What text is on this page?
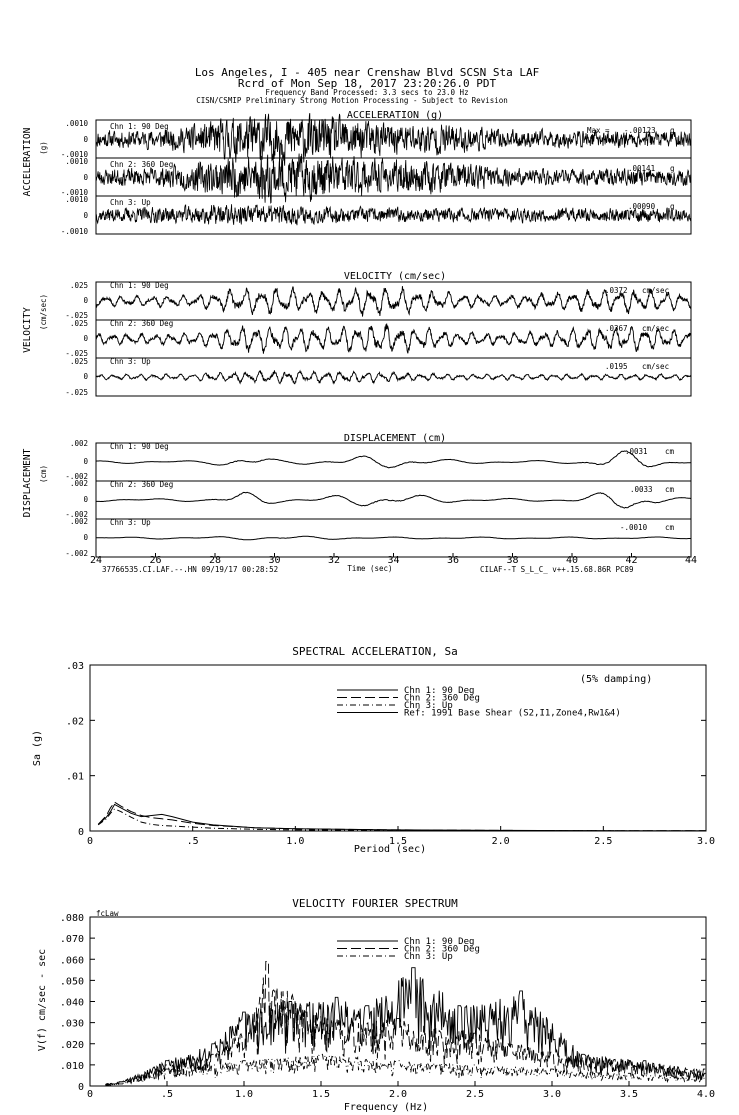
Los Angeles, I - 405 near Crenshaw Blvd SCSN Sta LAF
Rcrd of Mon Sep 18, 2017 23:20:26.0 PDT
Frequency Band Processed: 3.3 secs to 23.0 Hz
CISN/CSMIP Preliminary Strong Motion Processing - Subject to Revision
ACCELERATION (g)
VELOCITY (cm/sec)
DISPLACEMENT (cm)
ACCELERATION (g)
VELOCITY (cm/sec)
DISPLACEMENT (cm)
Chn 1: 90 Deg
Chn 2: 360 Deg
Chn 3: Up
Max = -.00123 g
.00141 g
.00090 g
.0010
0
-.0010
.0010
0
-.0010
.0010
0
-.0010
Chn 1: 90 Deg
Chn 2: 360 Deg
Chn 3: Up
.0372 cm/sec
.0367 cm/sec
.0195 cm/sec
.025
0
-.025
.025
0
-.025
.025
0
-.025
Chn 1: 90 Deg
Chn 2: 360 Deg
Chn 3: Up
.0031 cm
.0033 cm
-.0010 cm
.002
0
-.002
.002
0
-.002
.002
0
-.002
24	26	28	30	32	34	36	38	40	42	44
Time (sec)
37766535.CI.LAF.--.HN 09/19/17 00:28:52	CILAF--T S_L_C_ v++.15.68.86R PC89
SPECTRAL ACCELERATION, Sa
0	.5	1.0	1.5	2.0	2.5	3.0
0
.01
.02
.03
Sa (g)
Period (sec)
(5% damping)
Chn 1: 90 Deg
Chn 2: 360 Deg
Chn 3: Up
Ref: 1991 Base Shear (S2,I1,Zone4,Rw1&4)
VELOCITY FOURIER SPECTRUM
fcLaw
0	.5	1.0	1.5	2.0	2.5	3.0	3.5	4.0
0
.010
.020
.030
.040
.050
.060
.070
.080
V(f) cm/sec - sec
Frequency (Hz)
Chn 1: 90 Deg
Chn 2: 360 Deg
Chn 3: Up
